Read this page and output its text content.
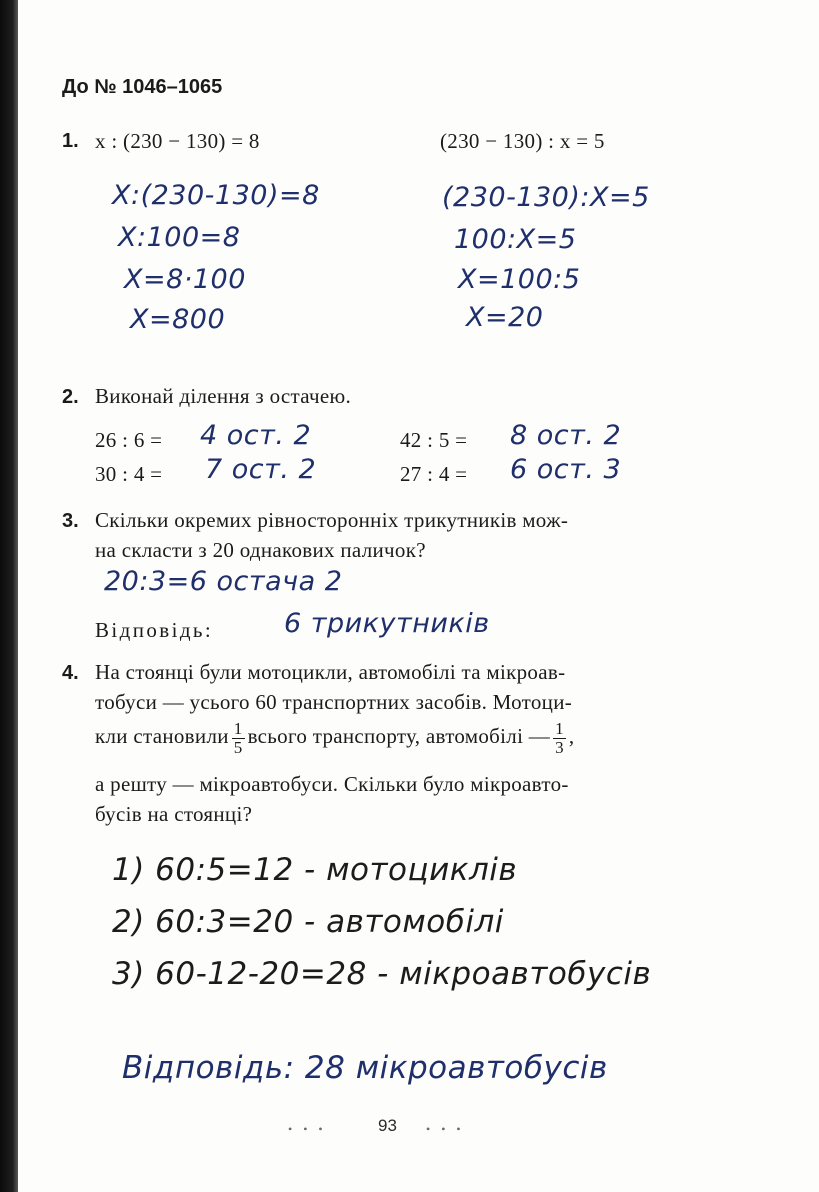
До № 1046–1065
1. x : (230 − 130) = 8	(230 − 130) : x = 5
X:(230-130)=8
X:100=8
X=8·100
X=800
(230-130):X=5
100:X=5
X=100:5
X=20
2. Виконай ділення з остачею.
26 : 6 = 4 ост. 2	42 : 5 = 8 ост. 2
30 : 4 = 7 ост. 2	27 : 4 = 6 ост. 3
3. Скільки окремих рівносторонніх трикутників мож-
на скласти з 20 однакових паличок?
20:3=6 остача 2
Відповідь:	6 трикутників
4. На стоянці були мотоцикли, автомобілі та мікроав-
тобуси — усього 60 транспортних засобів. Мотоци-
кли становили $\frac{1}{5}$ всього транспорту, автомобілі — $\frac{1}{3}$ ,
а решту — мікроавтобуси. Скільки було мікроавто-
бусів на стоянці?
1) 60:5=12 - мотоциклів
2) 60:3=20 - автомобілі
3) 60-12-20=28 - мікроавтобусів
Відповідь: 28 мікроавтобусів
• • •	93 • • •
